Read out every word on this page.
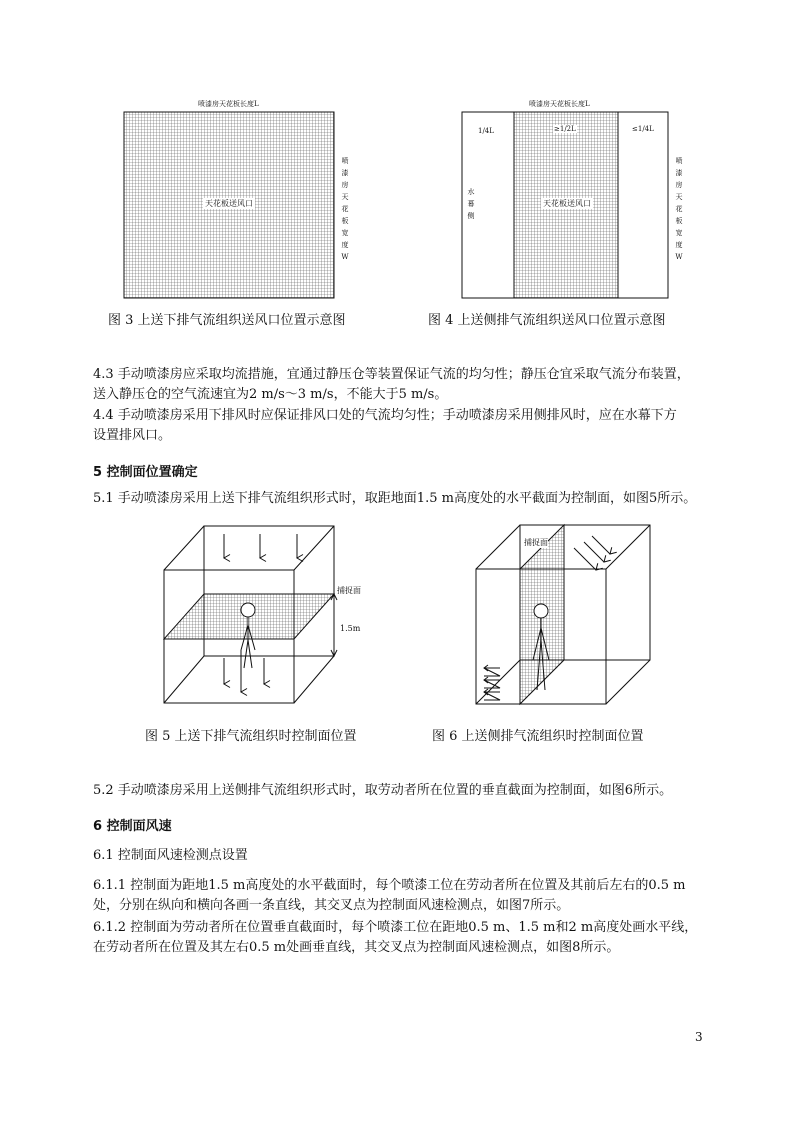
喷漆房天花板长度L
喷漆房天花板宽度W
天花板送风口
图 3 上送下排气流组织送风口位置示意图
喷漆房天花板长度L
1/4L	≥1/2L	≤1/4L
水幕侧
喷漆房天花板宽度W
天花板送风口
图 4 上送侧排气流组织送风口位置示意图
4.3 手动喷漆房应采取均流措施，宜通过静压仓等装置保证气流的均匀性；静压仓宜采取气流分布装置，
送入静压仓的空气流速宜为2 m/s～3 m/s，不能大于5 m/s。
4.4 手动喷漆房采用下排风时应保证排风口处的气流均匀性；手动喷漆房采用侧排风时，应在水幕下方
设置排风口。
5 控制面位置确定
5.1 手动喷漆房采用上送下排气流组织形式时，取距地面1.5 m高度处的水平截面为控制面，如图5所示。
捕捉面
1.5m
图 5 上送下排气流组织时控制面位置
捕捉面
图 6 上送侧排气流组织时控制面位置
5.2 手动喷漆房采用上送侧排气流组织形式时，取劳动者所在位置的垂直截面为控制面，如图6所示。
6 控制面风速
6.1 控制面风速检测点设置
6.1.1 控制面为距地1.5 m高度处的水平截面时，每个喷漆工位在劳动者所在位置及其前后左右的0.5 m
处，分别在纵向和横向各画一条直线，其交叉点为控制面风速检测点，如图7所示。
6.1.2 控制面为劳动者所在位置垂直截面时，每个喷漆工位在距地0.5 m、1.5 m和2 m高度处画水平线，
在劳动者所在位置及其左右0.5 m处画垂直线，其交叉点为控制面风速检测点，如图8所示。
3
